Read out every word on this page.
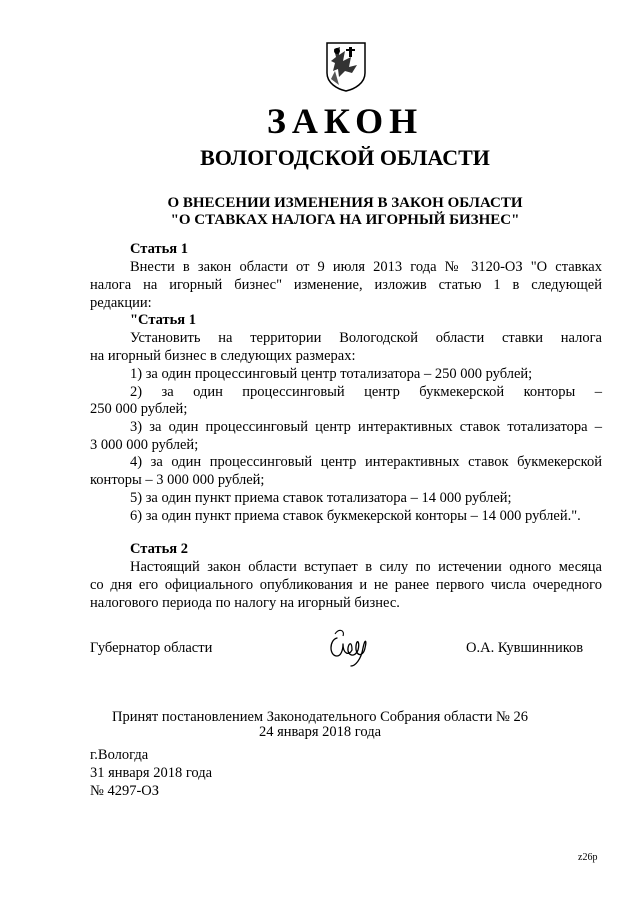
ЗАКОН
ВОЛОГОДСКОЙ ОБЛАСТИ
О ВНЕСЕНИИ ИЗМЕНЕНИЯ В ЗАКОН ОБЛАСТИ
"О СТАВКАХ НАЛОГА НА ИГОРНЫЙ БИЗНЕС"
Статья 1
Внести в закон области от 9 июля 2013 года № 3120-ОЗ "О ставках
налога на игорный бизнес" изменение, изложив статью 1 в следующей
редакции:
"Статья 1
Установить на территории Вологодской области ставки налога
на игорный бизнес в следующих размерах:
1) за один процессинговый центр тотализатора – 250 000 рублей;
2) за один процессинговый центр букмекерской конторы –
250 000 рублей;
3) за один процессинговый центр интерактивных ставок тотализатора –
3 000 000 рублей;
4) за один процессинговый центр интерактивных ставок букмекерской
конторы – 3 000 000 рублей;
5) за один пункт приема ставок тотализатора – 14 000 рублей;
6) за один пункт приема ставок букмекерской конторы – 14 000 рублей.".
Статья 2
Настоящий закон области вступает в силу по истечении одного месяца
со дня его официального опубликования и не ранее первого числа очередного
налогового периода по налогу на игорный бизнес.
Губернатор области	О.А. Кувшинников
Принят постановлением Законодательного Собрания области № 26
24 января 2018 года
г.Вологда
31 января 2018 года
№ 4297-ОЗ
z26p
